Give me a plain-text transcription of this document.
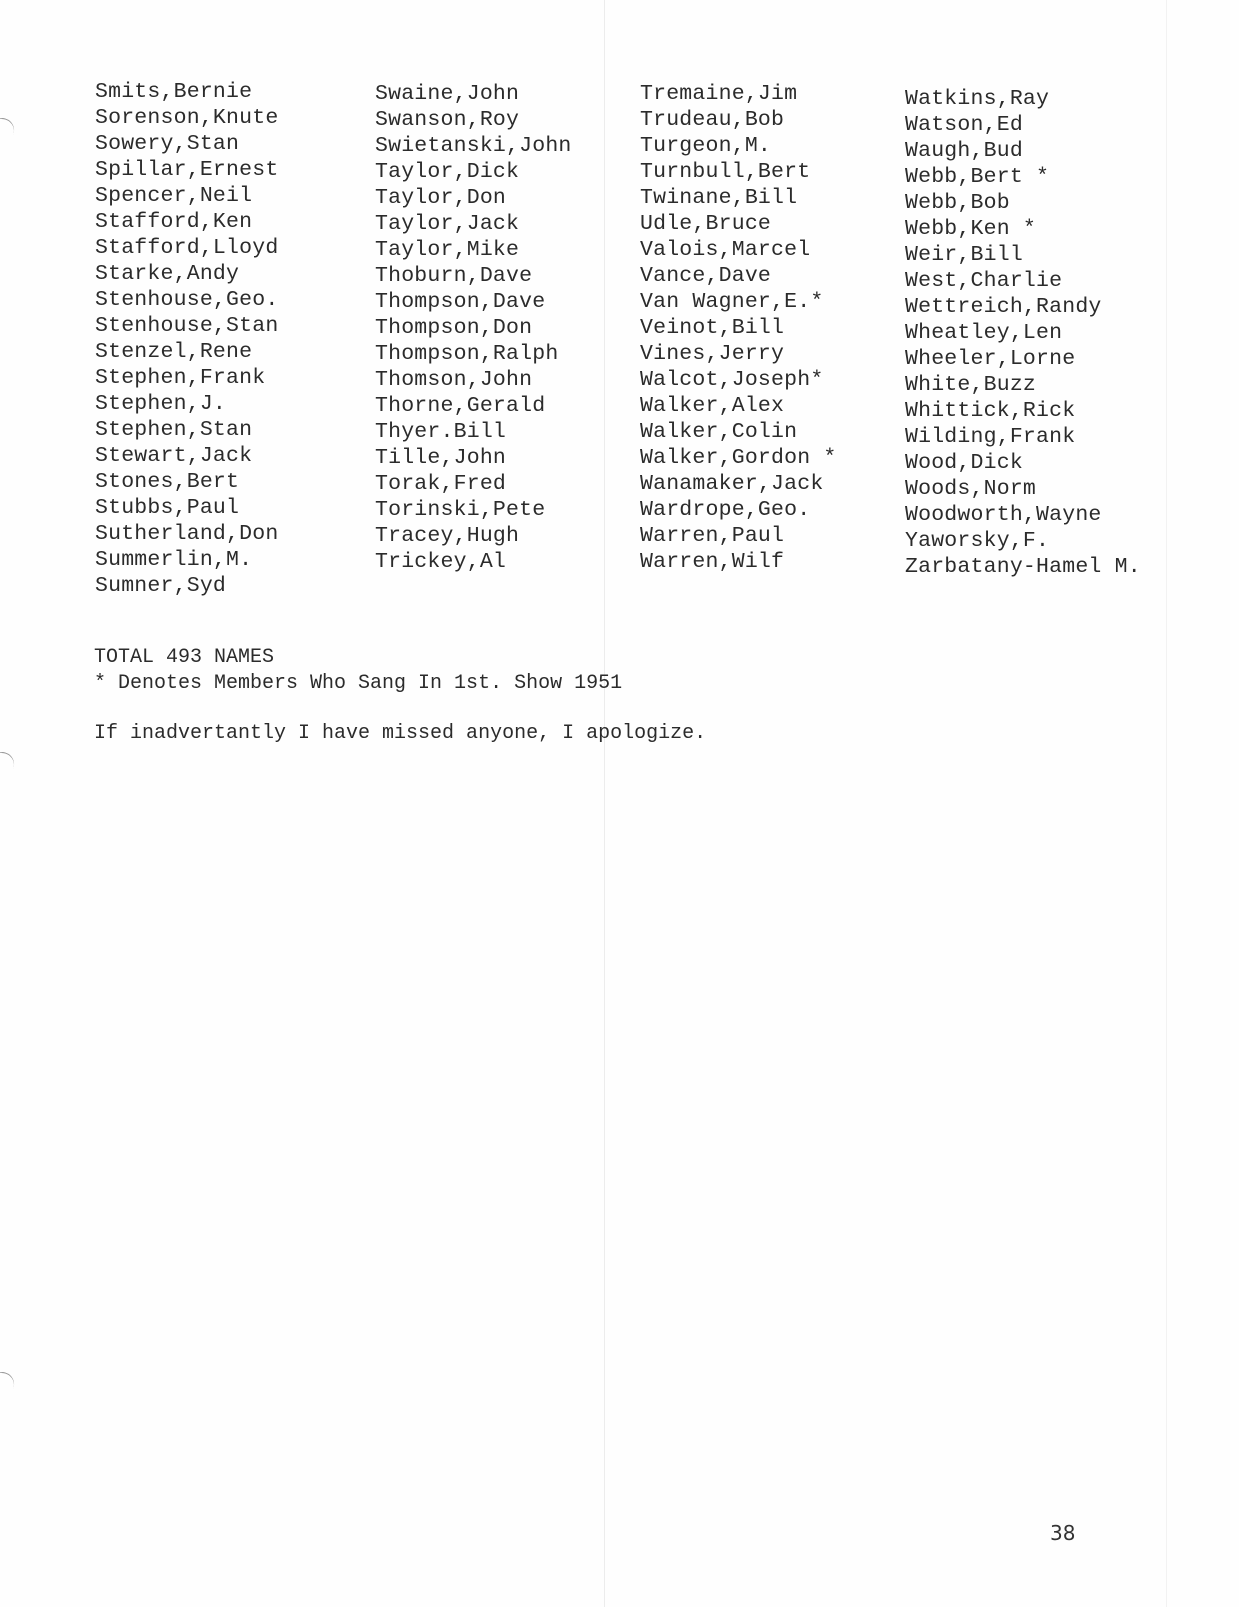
Smits,Bernie
Sorenson,Knute
Sowery,Stan
Spillar,Ernest
Spencer,Neil
Stafford,Ken
Stafford,Lloyd
Starke,Andy
Stenhouse,Geo.
Stenhouse,Stan
Stenzel,Rene
Stephen,Frank
Stephen,J.
Stephen,Stan
Stewart,Jack
Stones,Bert
Stubbs,Paul
Sutherland,Don
Summerlin,M.
Sumner,Syd
Swaine,John
Swanson,Roy
Swietanski,John
Taylor,Dick
Taylor,Don
Taylor,Jack
Taylor,Mike
Thoburn,Dave
Thompson,Dave
Thompson,Don
Thompson,Ralph
Thomson,John
Thorne,Gerald
Thyer.Bill
Tille,John
Torak,Fred
Torinski,Pete
Tracey,Hugh
Trickey,Al
Tremaine,Jim
Trudeau,Bob
Turgeon,M.
Turnbull,Bert
Twinane,Bill
Udle,Bruce
Valois,Marcel
Vance,Dave
Van Wagner,E.*
Veinot,Bill
Vines,Jerry
Walcot,Joseph*
Walker,Alex
Walker,Colin
Walker,Gordon *
Wanamaker,Jack
Wardrope,Geo.
Warren,Paul
Warren,Wilf
Watkins,Ray
Watson,Ed
Waugh,Bud
Webb,Bert *
Webb,Bob
Webb,Ken *
Weir,Bill
West,Charlie
Wettreich,Randy
Wheatley,Len
Wheeler,Lorne
White,Buzz
Whittick,Rick
Wilding,Frank
Wood,Dick
Woods,Norm
Woodworth,Wayne
Yaworsky,F.
Zarbatany-Hamel M.
TOTAL 493 NAMES
* Denotes Members Who Sang In 1st. Show 1951
If inadvertantly I have missed anyone, I apologize.
38
